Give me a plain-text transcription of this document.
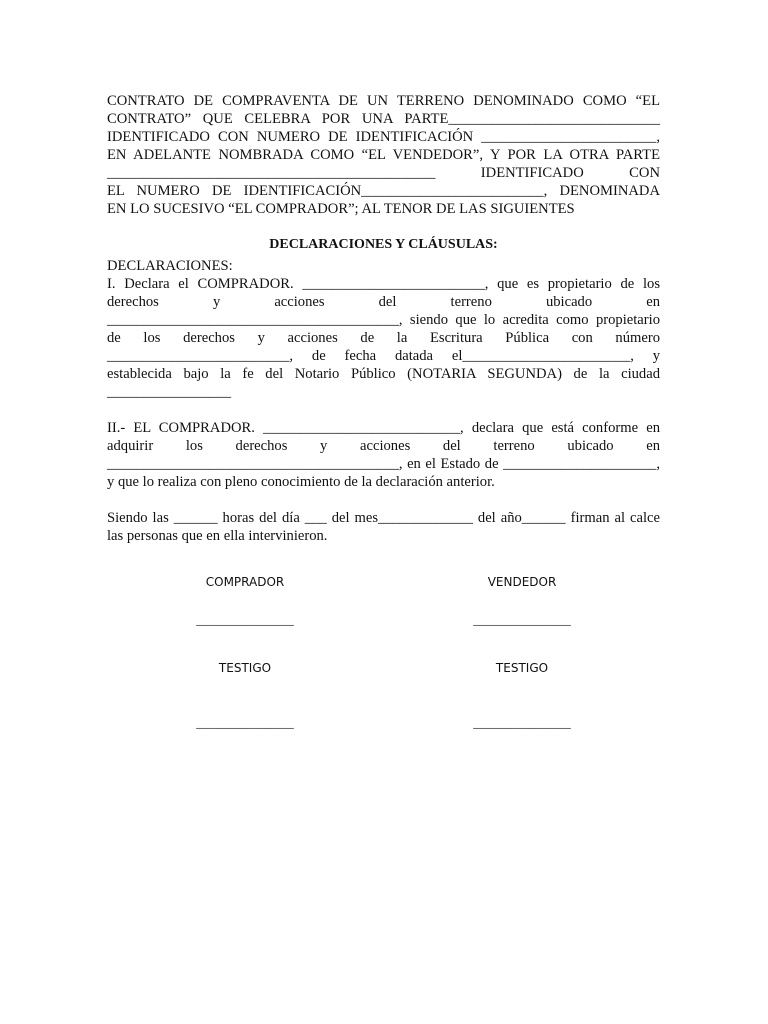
CONTRATO DE COMPRAVENTA DE UN TERRENO DENOMINADO COMO “EL

CONTRATO” QUE CELEBRA POR UNA PARTE_____________________________

IDENTIFICADO CON NUMERO DE IDENTIFICACIÓN ________________________,

EN ADELANTE NOMBRADA COMO “EL VENDEDOR”, Y POR LA OTRA PARTE

_____________________________________________ IDENTIFICADO CON

EL NUMERO DE IDENTIFICACIÓN_________________________, DENOMINADA

EN LO SUCESIVO “EL COMPRADOR”; AL TENOR DE LAS SIGUIENTES

DECLARACIONES Y CLÁUSULAS:

DECLARACIONES:

I. Declara el COMPRADOR. _________________________, que es propietario de los

derechos y acciones del terreno ubicado en

________________________________________, siendo que lo acredita como propietario

de los derechos y acciones de la Escritura Pública con número

_________________________, de fecha datada el_______________________, y

establecida bajo la fe del Notario Público (NOTARIA SEGUNDA) de la ciudad

_________________

II.- EL COMPRADOR. ___________________________, declara que está conforme en

adquirir los derechos y acciones del terreno ubicado en

________________________________________, en el Estado de _____________________,

y que lo realiza con pleno conocimiento de la declaración anterior.

Siendo las ______ horas del día ___ del mes_____________ del año______ firman al calce

las personas que en ella intervinieron.

COMPRADOR	VENDEDOR
_______________	_______________
TESTIGO	TESTIGO
_______________	_______________
